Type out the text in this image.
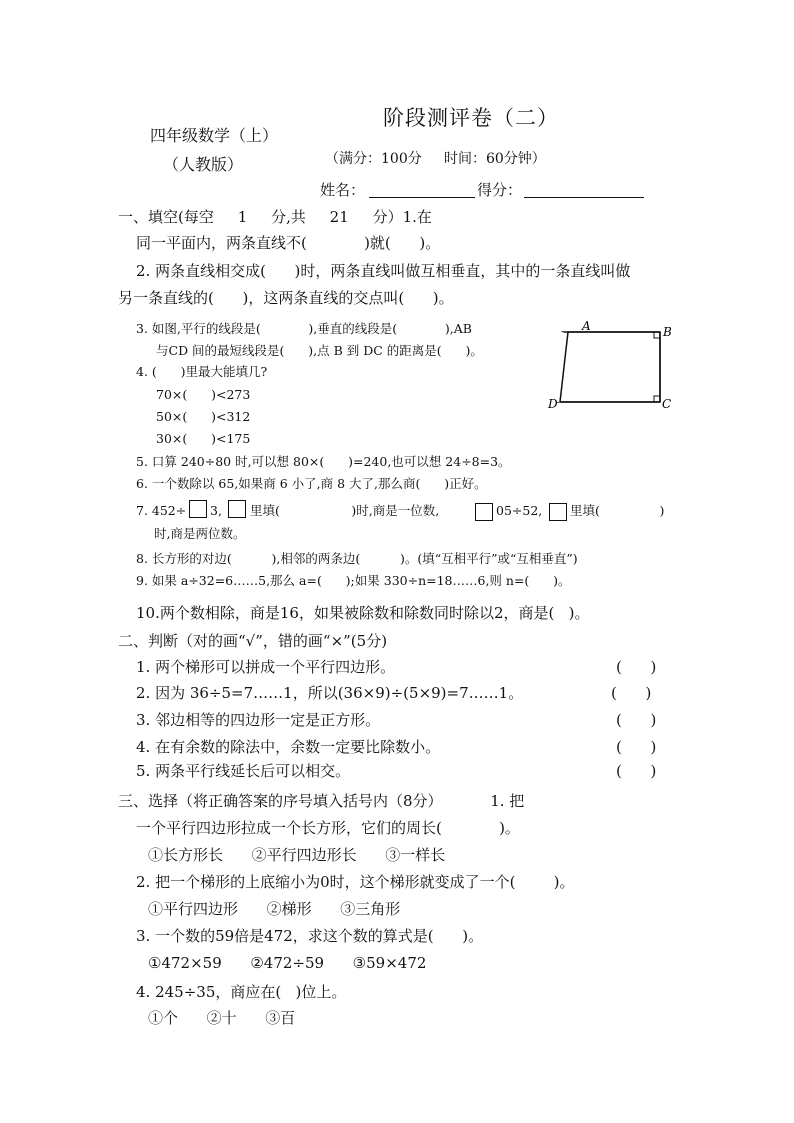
阶段测评卷（二）
四年级数学（上）
（人教版）	（满分：100分     时间：60分钟）
姓名：	得分：
一、填空(每空     1     分,共     21     分）1.在
同一平面内，两条直线不(            )就(      )。
2. 两条直线相交成(      )时，两条直线叫做互相垂直，其中的一条直线叫做
另一条直线的(      )，这两条直线的交点叫(      )。
3. 如图,平行的线段是(            ),垂直的线段是(            ),AB
与CD 间的最短线段是(      ),点 B 到 DC 的距离是(      )。
A	B
C
D
4. (      )里最大能填几?
70×(      )<273
50×(      )<312
30×(      )<175
5. 口算 240÷80 时,可以想 80×(      )=240,也可以想 24÷8=3。
6. 一个数除以 65,如果商 6 小了,商 8 大了,那么商(      )正好。
7. 452÷ 3, 里填(                  )时,商是一位数,	05÷52, 里填(               )
时,商是两位数。
8. 长方形的对边(          ),相邻的两条边(          )。(填“互相平行”或“互相垂直”)
9. 如果 a÷32=6……5,那么 a=(      );如果 330÷n=18……6,则 n=(      )。
10.两个数相除，商是16，如果被除数和除数同时除以2，商是(   )。
二、判断（对的画“√”，错的画“×”(5分)
1. 两个梯形可以拼成一个平行四边形。	(      )
2. 因为 36÷5=7……1，所以(36×9)÷(5×9)=7……1。	(      )
3. 邻边相等的四边形一定是正方形。	(      )
4. 在有余数的除法中，余数一定要比除数小。	(      )
5. 两条平行线延长后可以相交。	(      )
三、选择（将正确答案的序号填入括号内（8分）          1. 把
一个平行四边形拉成一个长方形，它们的周长(            )。
①长方形长      ②平行四边形长      ③一样长
2. 把一个梯形的上底缩小为0时，这个梯形就变成了一个(        )。
①平行四边形      ②梯形      ③三角形
3. 一个数的59倍是472，求这个数的算式是(      )。
①472×59      ②472÷59      ③59×472
4. 245÷35，商应在(   )位上。
①个      ②十      ③百
